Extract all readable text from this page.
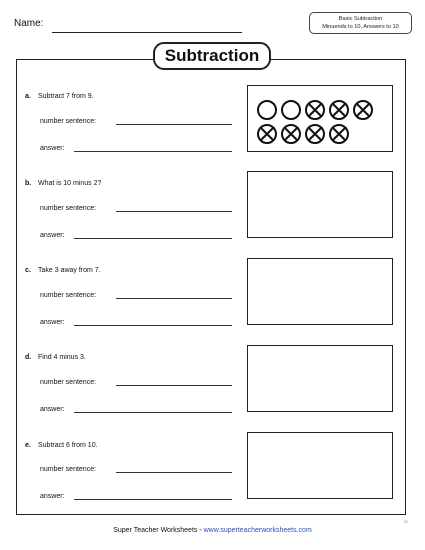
Name:	Basic Subtraction
Minuends to 10, Answers to 10
Subtraction
a. Subtract 7 from 9.
number sentence:
answer:
b. What is 10 minus 2?
number sentence:
answer:
c. Take 3 away from 7.
number sentence:
answer:
d. Find 4 minus 3.
number sentence:
answer:
e. Subtract 6 from 10.
number sentence:
answer:
Super Teacher Worksheets - www.superteacherworksheets.com
ID
